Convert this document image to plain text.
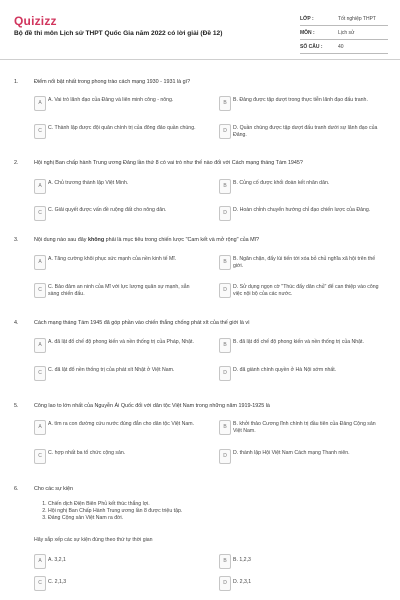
Quizizz
Bộ đề thi môn Lịch sử THPT Quốc Gia năm 2022 có lời giải (Đề 12)
LỚP :	Tốt nghiệp THPT
MÔN :	Lịch sử
SỐ CÂU :	40
1.	Điểm nổi bật nhất trong phong trào cách mạng 1930 - 1931 là gì?
A	A. Vai trò lãnh đạo của Đảng và liên minh công - nông.	B	B. Đảng được tập dượt trong thực tiễn lãnh đạo đấu tranh.
C	C. Thành lập được đội quân chính trị của đông đảo quần chúng.	D	D. Quần chúng được tập dượt đấu tranh dưới sự lãnh đạo của Đảng.
2.	Hội nghị Ban chấp hành Trung ương Đảng lần thứ 8 có vai trò như thế nào đối với Cách mạng tháng Tám 1945?
A	A. Chủ trương thành lập Việt Minh.	B	B. Củng cố được khối đoàn kết nhân dân.
C	C. Giải quyết được vấn đề ruộng đất cho nông dân.	D	D. Hoàn chỉnh chuyển hướng chỉ đạo chiến lược của Đảng.
3.	Nội dung nào sau đây không phải là mục tiêu trong chiến lược "Cam kết và mở rộng" của Mĩ?
A	A. Tăng cường khôi phục sức mạnh của nền kinh tế Mĩ.	B	B. Ngăn chặn, đẩy lùi tiến tới xóa bỏ chủ nghĩa xã hội trên thế giới.
C	C. Bảo đảm an ninh của Mĩ với lực lượng quân sự mạnh, sẵn sàng chiến đấu.
D	D. Sử dụng ngọn cờ "Thúc đẩy dân chủ" để can thiệp vào công việc nội bộ của các nước.
4.	Cách mạng tháng Tám 1945 đã góp phần vào chiến thắng chống phát xít của thế giới là vì
A	A. đã lật đổ chế độ phong kiến và nền thống trị của Pháp, Nhật.	B	B. đã lật đổ chế độ phong kiến và nền thống trị của Nhật.
C	C. đã lật đổ nền thống trị của phát xít Nhật ở Việt Nam.	D	D. đã giành chính quyền ở Hà Nội sớm nhất.
5.	Công lao to lớn nhất của Nguyễn Ái Quốc đối với dân tộc Việt Nam trong những năm 1919-1925 là
A	A. tìm ra con đường cứu nước đúng đắn cho dân tộc Việt Nam.	B	B. khởi thảo Cương lĩnh chính trị đầu tiên của Đảng Cộng sản Việt Nam.
C	C. hợp nhất ba tổ chức cộng sản.	D	D. thành lập Hội Việt Nam Cách mạng Thanh niên.
6.	Cho các sự kiện
1. Chiến dịch Điện Biên Phủ kết thúc thắng lợi.
2. Hội nghị Ban Chấp Hành Trung ương lần 8 được triệu tập.
3. Đảng Cộng sản Việt Nam ra đời.
Hãy sắp xếp các sự kiện đúng theo thứ tự thời gian
A	A. 3,2,1	B	B. 1,2,3
C	C. 2,1,3	D	D. 2,3,1
